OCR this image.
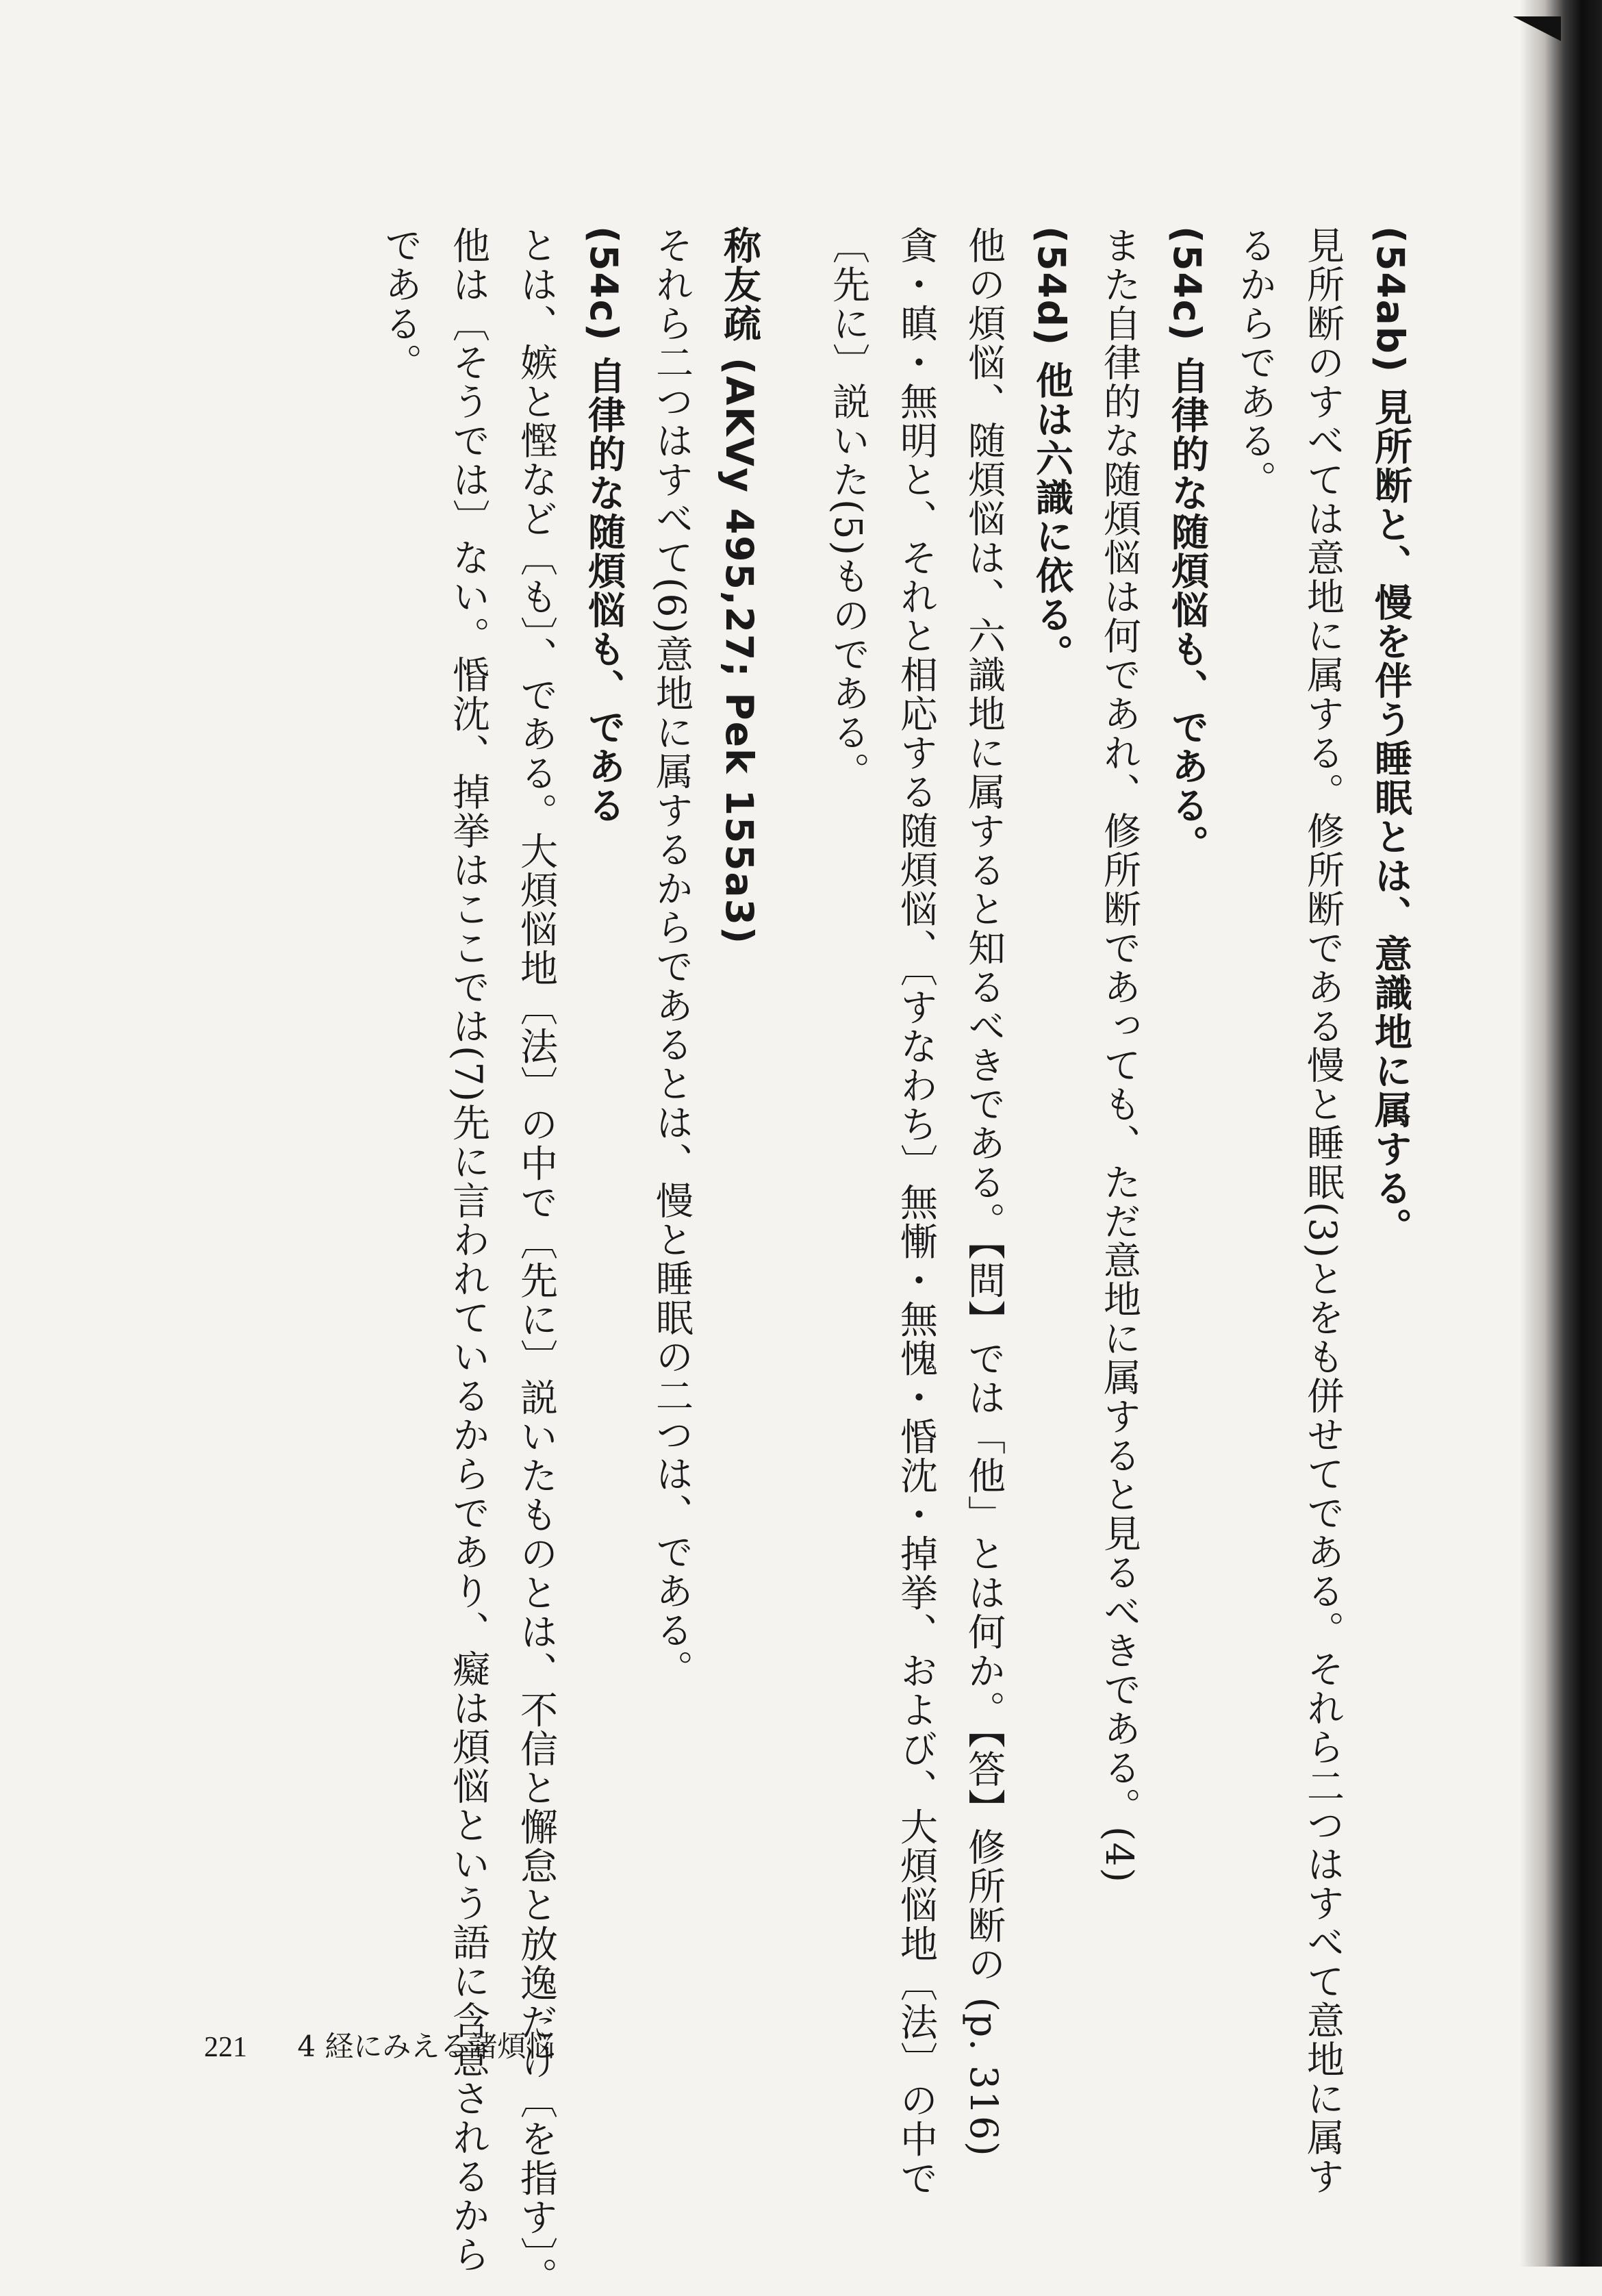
(54ab) 見所断と、慢を伴う睡眠とは、意識地に属する。
見所断のすべては意地に属する。修所断である慢と睡眠(3)とをも併せてである。それら二つはすべて意地に属す
るからである。
(54c) 自律的な随煩悩も、である。
また自律的な随煩悩は何であれ、修所断であっても、ただ意地に属すると見るべきである。(4)
(54d) 他は六識に依る。
他の煩悩、随煩悩は、六識地に属すると知るべきである。【問】では「他」とは何か。【答】修所断の (p. 316)
貪・瞋・無明と、それと相応する随煩悩、〔すなわち〕無慚・無愧・惛沈・掉挙、および、大煩悩地〔法〕の中で
〔先に〕説いた(5)ものである。
称友疏 (AKVy 495,27; Pek 155a3)
それら二つはすべて(6)意地に属するからであるとは、慢と睡眠の二つは、である。
(54c) 自律的な随煩悩も、である
とは、嫉と慳など〔も〕、である。大煩悩地〔法〕の中で〔先に〕説いたものとは、不信と懈怠と放逸だけ〔を指す〕。
他は〔そうでは〕ない。惛沈、掉挙はここでは(7)先に言われているからであり、癡は煩悩という語に含意されるから
である。
221 4 経にみえる諸煩悩
